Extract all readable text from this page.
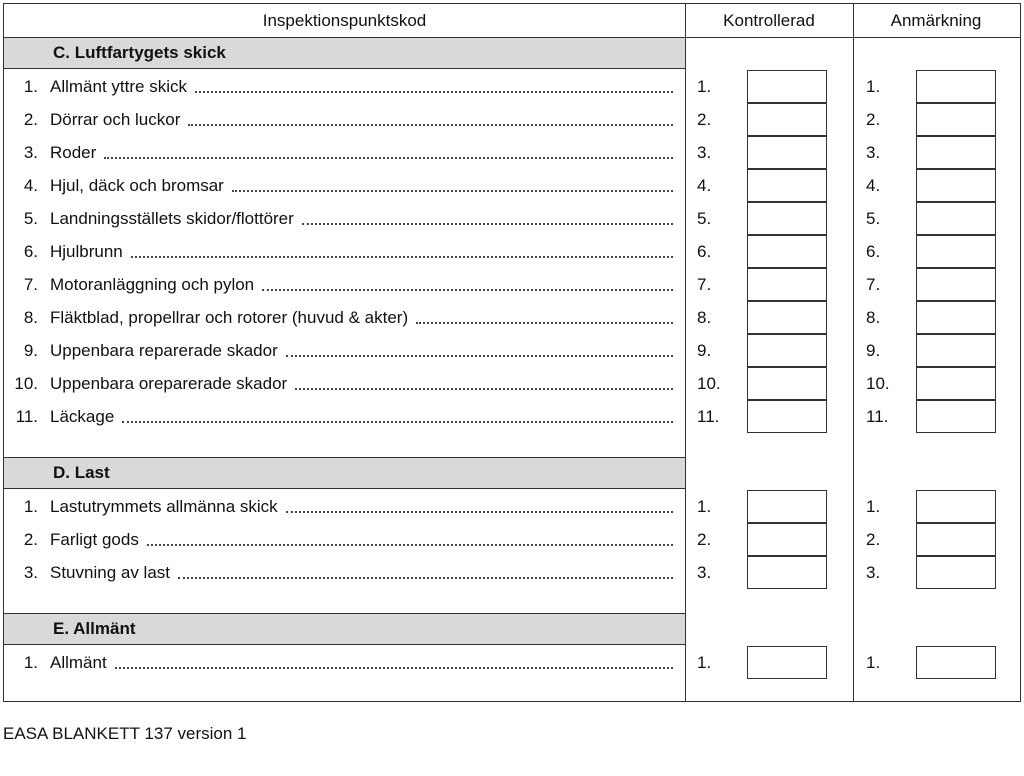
Inspektionspunktskod	Kontrollerad	Anmärkning
C. Luftfartygets skick
1. Allmänt yttre skick	1.	1.
2. Dörrar och luckor	2.	2.
3. Roder	3.	3.
4. Hjul, däck och bromsar	4.	4.
5. Landningsställets skidor/flottörer	5.	5.
6. Hjulbrunn	6.	6.
7. Motoranläggning och pylon	7.	7.
8. Fläktblad, propellrar och rotorer (huvud & akter)	8.	8.
9. Uppenbara reparerade skador	9.	9.
10. Uppenbara oreparerade skador	10.	10.
11. Läckage	11.	11.
D. Last
1. Lastutrymmets allmänna skick	1.	1.
2. Farligt gods	2.	2.
3. Stuvning av last	3.	3.
E. Allmänt
1. Allmänt	1.	1.
EASA BLANKETT 137 version 1
